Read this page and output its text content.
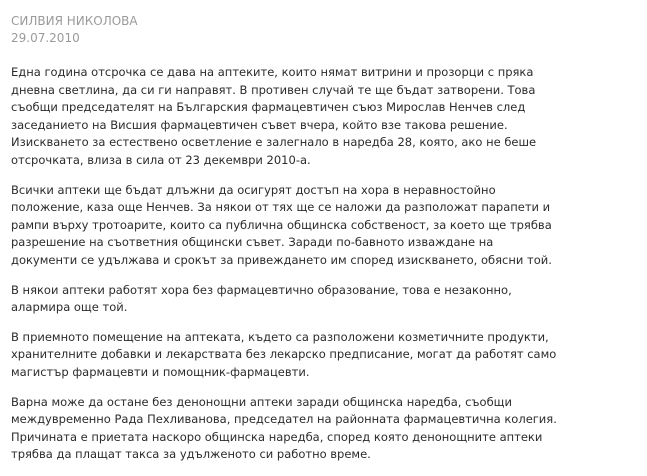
СИЛВИЯ НИКОЛОВА
29.07.2010

Една година отсрочка се дава на аптеките, които нямат витрини и прозорци с пряка
дневна светлина, да си ги направят. В противен случай те ще бъдат затворени. Това
съобщи председателят на Българския фармацевтичен съюз Мирослав Ненчев след
заседанието на Висшия фармацевтичен съвет вчера, който взе такова решение.
Изискването за естествено осветление е залегнало в наредба 28, която, ако не беше
отсрочката, влиза в сила от 23 декември 2010-а.

Всички аптеки ще бъдат длъжни да осигурят достъп на хора в неравностойно
положение, каза още Ненчев. За някои от тях ще се наложи да разположат парапети и
рампи върху тротоарите, които са публична общинска собственост, за което ще трябва
разрешение на съответния общински съвет. Заради по-бавното изваждане на
документи се удължава и срокът за привеждането им според изискването, обясни той.

В някои аптеки работят хора без фармацевтично образование, това е незаконно,
алармира още той.

В приемното помещение на аптеката, където са разположени козметичните продукти,
хранителните добавки и лекарствата без лекарско предписание, могат да работят само
магистър фармацевти и помощник-фармацевти.

Варна може да остане без денонощни аптеки заради общинска наредба, съобщи
междувременно Рада Пехливанова, председател на районната фармацевтична колегия.
Причината е приетата наскоро общинска наредба, според която денонощните аптеки
трябва да плащат такса за удълженото си работно време.
